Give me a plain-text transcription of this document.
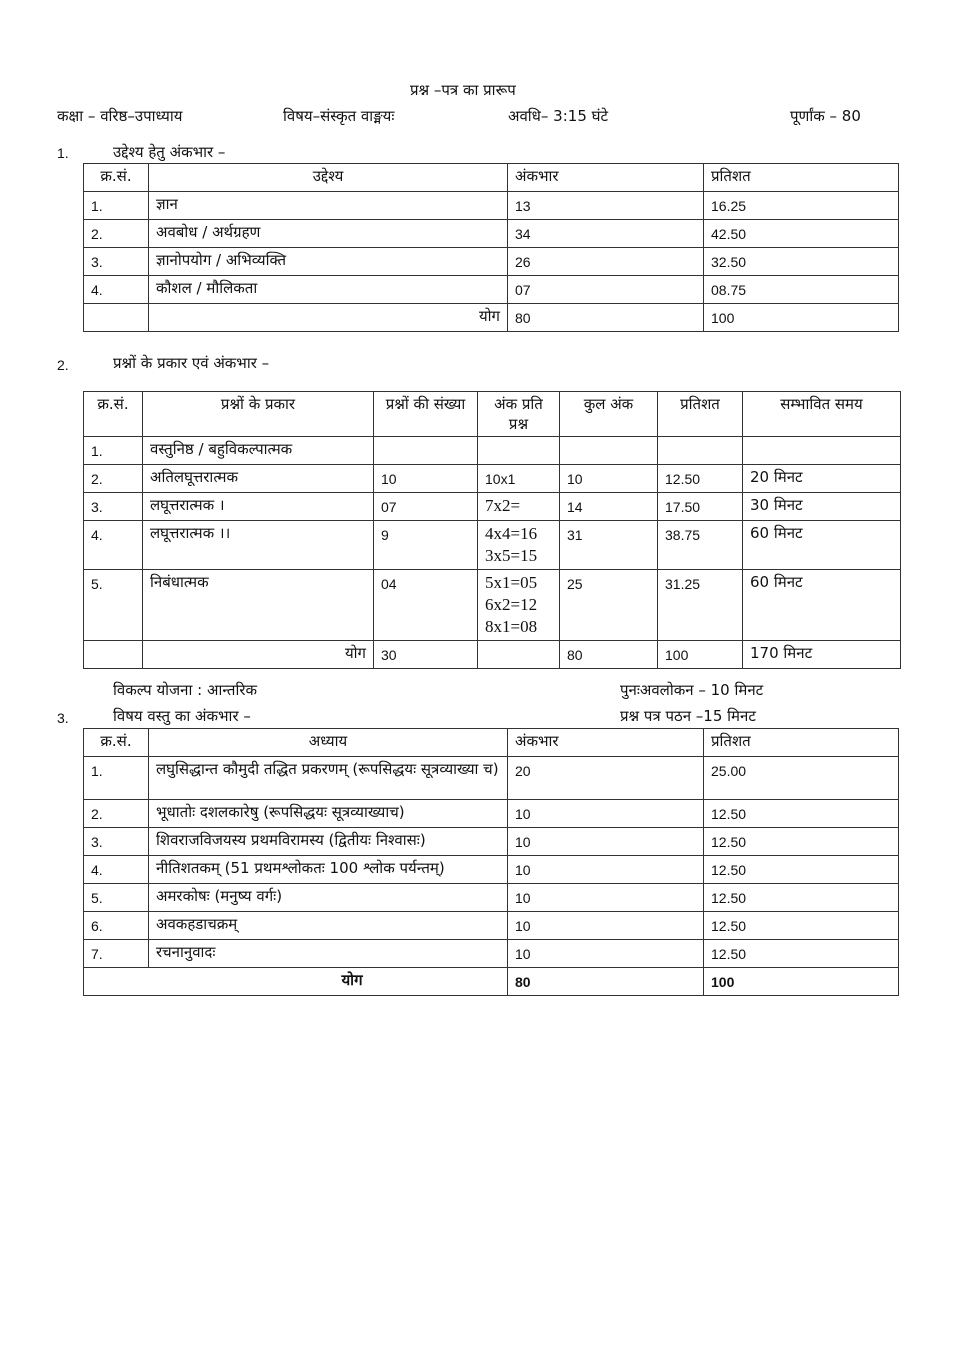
प्रश्न –पत्र का प्रारूप
कक्षा – वरिष्ठ–उपाध्याय	विषय–संस्कृत वाङ्मयः	अवधि– 3:15 घंटे	पूर्णांक – 80
1.	उद्देश्य हेतु अंकभार –
क्र.सं.	उद्देश्य	अंकभार	प्रतिशत
1.	ज्ञान	13	16.25
2.	अवबोध / अर्थग्रहण	34	42.50
3.	ज्ञानोपयोग / अभिव्यक्ति	26	32.50
4.	कौशल / मौलिकता	07	08.75
	योग	80	100
2.	प्रश्नों के प्रकार एवं अंकभार –
क्र.सं.	प्रश्नों के प्रकार	प्रश्नों की संख्या	अंक प्रति प्रश्न	कुल अंक	प्रतिशत	सम्भावित समय
1.	वस्तुनिष्ठ / बहुविकल्पात्मक					
2.	अतिलघूत्तरात्मक	10	10x1	10	12.50	20 मिनट
3.	लघूत्तरात्मक ।	07	7x2=	14	17.50	30 मिनट
4.	लघूत्तरात्मक ।।	9	4x4=16 3x5=15	31	38.75	60 मिनट
5.	निबंधात्मक	04	5x1=05 6x2=12 8x1=08	25	31.25	60 मिनट
	योग	30		80	100	170 मिनट
विकल्प योजना : आन्तरिक	पुनःअवलोकन – 10 मिनट
प्रश्न पत्र पठन –15 मिनट
3.	विषय वस्तु का अंकभार –
क्र.सं.	अध्याय	अंकभार	प्रतिशत
1.	लघुसिद्धान्त कौमुदी तद्धित प्रकरणम् (रूपसिद्धयः सूत्रव्याख्या च)	20	25.00
2.	भूधातोः दशलकारेषु (रूपसिद्धयः सूत्रव्याख्याच)	10	12.50
3.	शिवराजविजयस्य प्रथमविरामस्य (द्वितीयः निश्वासः)	10	12.50
4.	नीतिशतकम् (51 प्रथमश्लोकतः 100 श्लोक पर्यन्तम्)	10	12.50
5.	अमरकोषः (मनुष्य वर्गः)	10	12.50
6.	अवकहडाचक्रम्	10	12.50
7.	रचनानुवादः	10	12.50
योग		80	100
